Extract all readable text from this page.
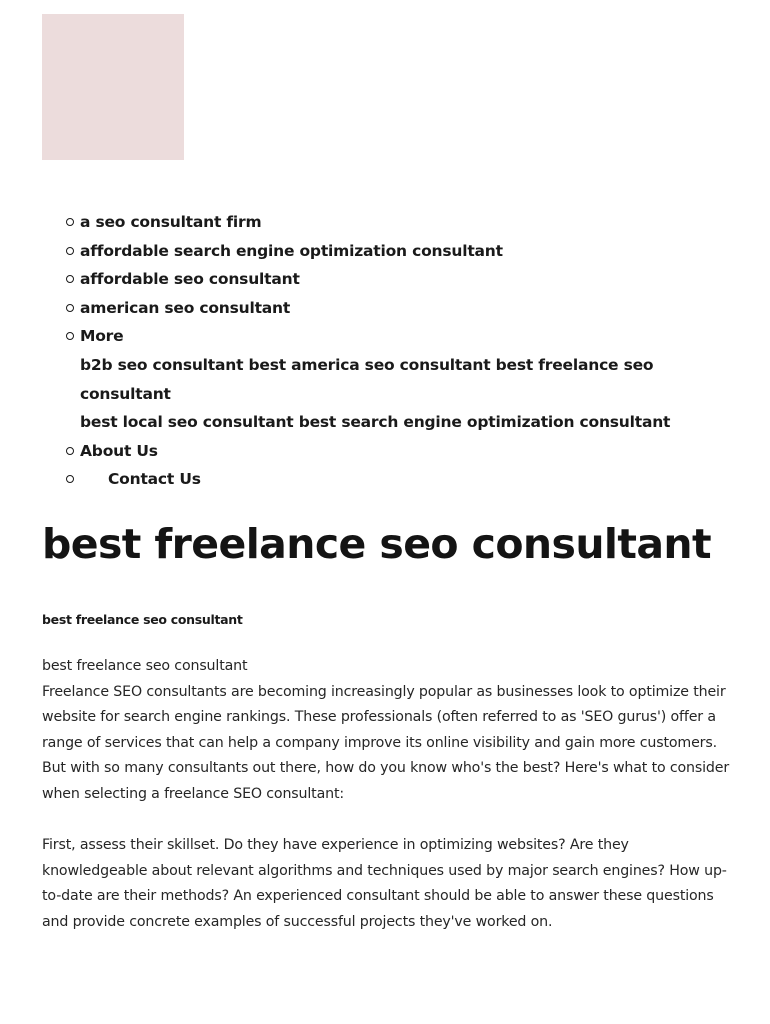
a seo consultant firm
affordable search engine optimization consultant
affordable seo consultant
american seo consultant
More
b2b seo consultant best america seo consultant best freelance seo consultant
best local seo consultant best search engine optimization consultant
About Us
Contact Us
best freelance seo consultant
best freelance seo consultant

best freelance seo consultant

Freelance SEO consultants are becoming increasingly popular as businesses look to optimize their website for search engine rankings. These professionals (often referred to as 'SEO gurus') offer a range of services that can help a company improve its online visibility and gain more customers. But with so many consultants out there, how do you know who's the best? Here's what to consider when selecting a freelance SEO consultant:

First, assess their skillset. Do they have experience in optimizing websites? Are they knowledgeable about relevant algorithms and techniques used by major search engines? How up-to-date are their methods? An experienced consultant should be able to answer these questions and provide concrete examples of successful projects they've worked on.
